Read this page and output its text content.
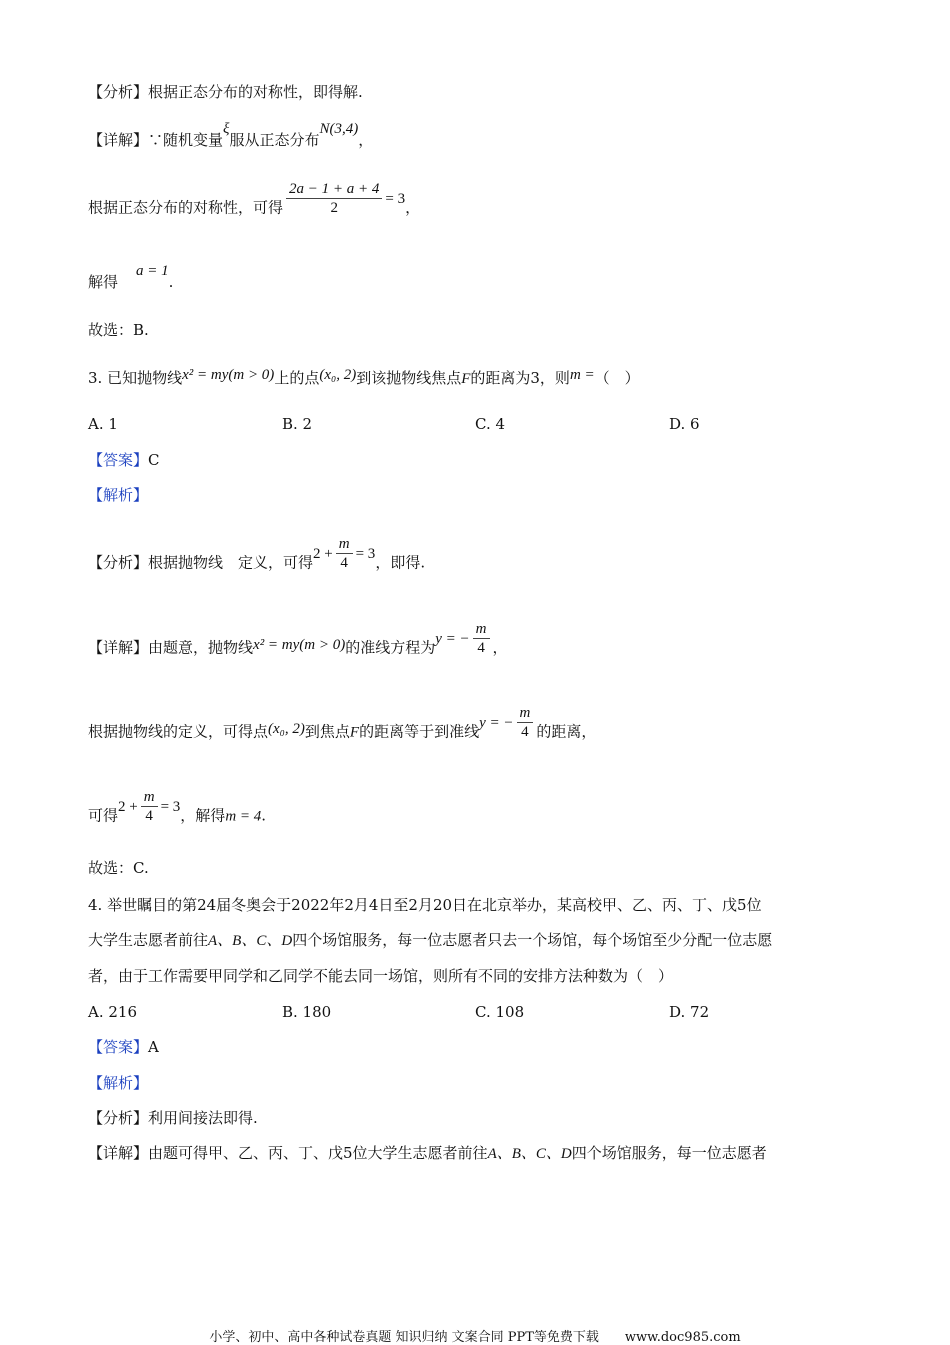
【分析】根据正态分布的对称性，即得解.
【详解】∵随机变量ξ服从正态分布N(3,4)，
根据正态分布的对称性，可得 $\frac{2a - 1 + a + 4}{2} = 3$，
解得a = 1.
故选：B.
3. 已知抛物线x² = my(m > 0)上的点(x₀, 2)到该抛物线焦点F的距离为3，则m =（　）
A. 1	B. 2	C. 4	D. 6
【答案】C
【解析】
【分析】根据抛物线　定义，可得$2 + \frac{m}{4} = 3$，即得.
【详解】由题意，抛物线x² = my(m > 0)的准线方程为y = − $\frac{m}{4}$ ，
根据抛物线的定义，可得点(x₀, 2)到焦点F的距离等于到准线y = − $\frac{m}{4}$ 的距离，
可得$2 + \frac{m}{4} = 3$，解得m = 4.
故选：C.
4. 举世瞩目的第24届冬奥会于2022年2月4日至2月20日在北京举办，某高校甲、乙、丙、丁、戊5位
大学生志愿者前往A、B、C、D四个场馆服务，每一位志愿者只去一个场馆，每个场馆至少分配一位志愿
者，由于工作需要甲同学和乙同学不能去同一场馆，则所有不同的安排方法种数为（　）
A. 216	B. 180	C. 108	D. 72
【答案】A
【解析】
【分析】利用间接法即得.
【详解】由题可得甲、乙、丙、丁、戊5位大学生志愿者前往A、B、C、D四个场馆服务，每一位志愿者
小学、初中、高中各种试卷真题 知识归纳 文案合同 PPT等免费下载　　www.doc985.com
